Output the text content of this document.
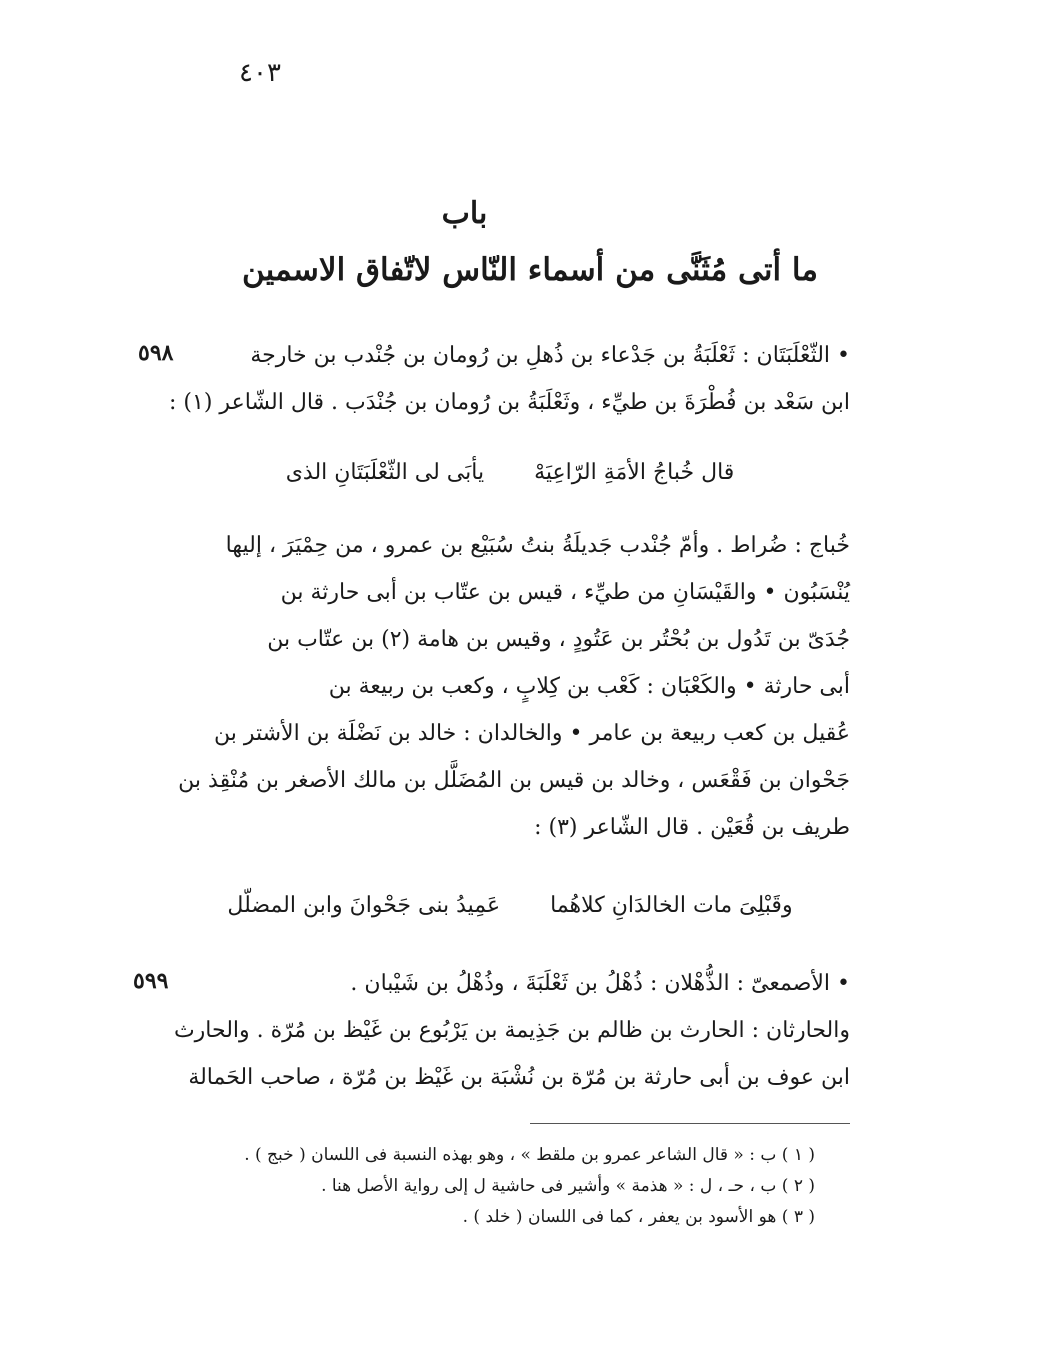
٤٠٣
باب
ما أتى مُثَنَّى من أسماء النّاس لاتّفاق الاسمين
٥٩٨	• الثّعْلَبَتَان : ثَعْلَبَةُ بن جَدْعاء بن ذُهلِ بن رُومان بن جُنْدب بن خارجة
ابن سَعْد بن فُطْرَةَ بن طيِّء ، وثَعْلَبَةُ بن رُومان بن جُنْدَب . قال الشّاعر (١) :
قال خُباجُ الأمَةِ الرّاعِيَهْ
يأبَى لى الثّعْلَبَتَانِ الذى
خُباج : ضُراط . وأمّ جُنْدب جَديلَةُ بنتُ سُبَيْع بن عمرو ، من حِمْيَرَ ، إليها
يُنْسَبُون • والقَيْسَانِ من طيِّء ، قيس بن عتّاب بن أبى حارثة بن
جُدَىّ بن تَدُول بن بُحْتُر بن عَتُودٍ ، وقيس بن هامة (٢) بن عتّاب بن
أبى حارثة • والكَعْبَان : كَعْب بن كِلابٍ ، وكعب بن ربيعة بن
عُقيل بن كعب ربيعة بن عامر • والخالدان : خالد بن نَضْلَة بن الأشتر بن
جَحْوان بن فَقْعَس ، وخالد بن قيس بن المُضَلَّل بن مالك الأصغر بن مُنْقِذ بن
طريف بن قُعَيْن . قال الشّاعر (٣) :
وقَبْلِىَ مات الخالدَانِ كلاهُما
عَمِيدُ بنى جَحْوانَ وابن المضلّل
٥٩٩	• الأصمعىّ : الذُّهْلان : ذُهْلُ بن ثَعْلَبَةَ ، وذُهْلُ بن شَيْبان .
والحارثان : الحارث بن ظالم بن جَذِيمة بن يَرْبُوع بن غَيْظ بن مُرّة . والحارث
ابن عوف بن أبى حارثة بن مُرّة بن نُشْبَة بن غَيْظ بن مُرّة ، صاحب الحَمالة
( ١ ) ب : « قال الشاعر عمرو بن ملقط » ، وهو بهذه النسبة فى اللسان ( خبج ) .
( ٢ ) ب ، حـ ، ل : « هذمة » وأشير فى حاشية ل إلى رواية الأصل هنا .
( ٣ ) هو الأسود بن يعفر ، كما فى اللسان ( خلد ) .
